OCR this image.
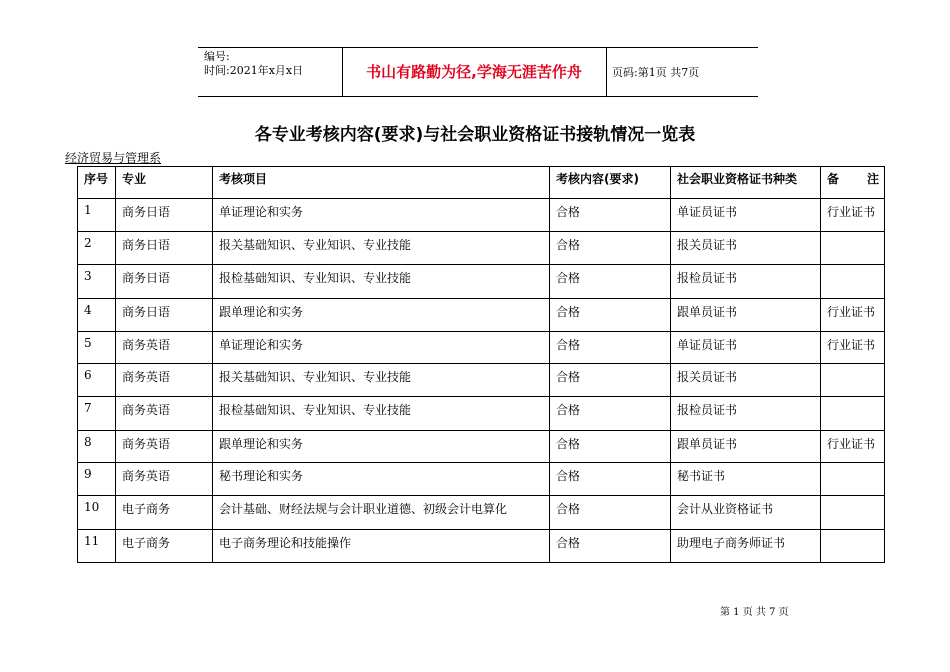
编号:
时间:2021年x月x日	书山有路勤为径,学海无涯苦作舟	页码:第1页 共7页
各专业考核内容(要求)与社会职业资格证书接轨情况一览表
经济贸易与管理系
序号	专业	考核项目	考核内容(要求)	社会职业资格证书种类	备 注

1	商务日语	单证理论和实务	合格	单证员证书	行业证书
2	商务日语	报关基础知识、专业知识、专业技能	合格	报关员证书	
3	商务日语	报检基础知识、专业知识、专业技能	合格	报检员证书	
4	商务日语	跟单理论和实务	合格	跟单员证书	行业证书
5	商务英语	单证理论和实务	合格	单证员证书	行业证书
6	商务英语	报关基础知识、专业知识、专业技能	合格	报关员证书	
7	商务英语	报检基础知识、专业知识、专业技能	合格	报检员证书	
8	商务英语	跟单理论和实务	合格	跟单员证书	行业证书
9	商务英语	秘书理论和实务	合格	秘书证书	
10	电子商务	会计基础、财经法规与会计职业道德、初级会计电算化	合格	会计从业资格证书	
11	电子商务	电子商务理论和技能操作	合格	助理电子商务师证书	
第 1 页 共 7 页
